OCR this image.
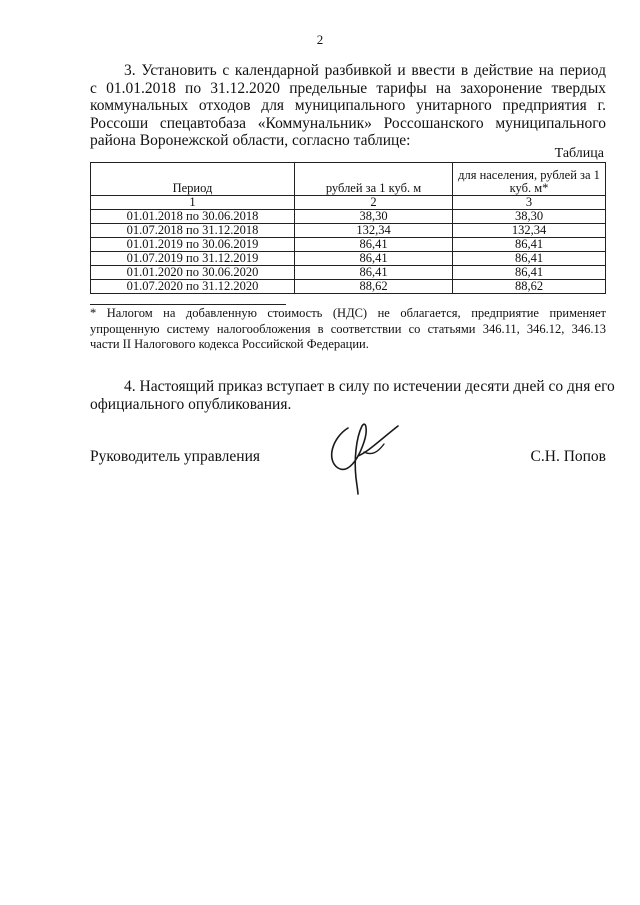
2
3. Установить с календарной разбивкой и ввести в действие на период
с 01.01.2018 по 31.12.2020 предельные тарифы на захоронение твердых
коммунальных отходов для муниципального унитарного предприятия г.
Россоши спецавтобаза «Коммунальник» Россошанского муниципального
района Воронежской области, согласно таблице:
Таблица
Период	рублей за 1 куб. м	для населения, рублей за 1 куб. м*
1	2	3
01.01.2018 по 30.06.2018	38,30	38,30
01.07.2018 по 31.12.2018	132,34	132,34
01.01.2019 по 30.06.2019	86,41	86,41
01.07.2019 по 31.12.2019	86,41	86,41
01.01.2020 по 30.06.2020	86,41	86,41
01.07.2020 по 31.12.2020	88,62	88,62
* Налогом на добавленную стоимость (НДС) не облагается, предприятие применяет
упрощенную систему налогообложения в соответствии со статьями 346.11, 346.12, 346.13
части II Налогового кодекса Российской Федерации.
4. Настоящий приказ вступает в силу по истечении десяти дней со дня его
официального опубликования.
Руководитель управления	С.Н. Попов
